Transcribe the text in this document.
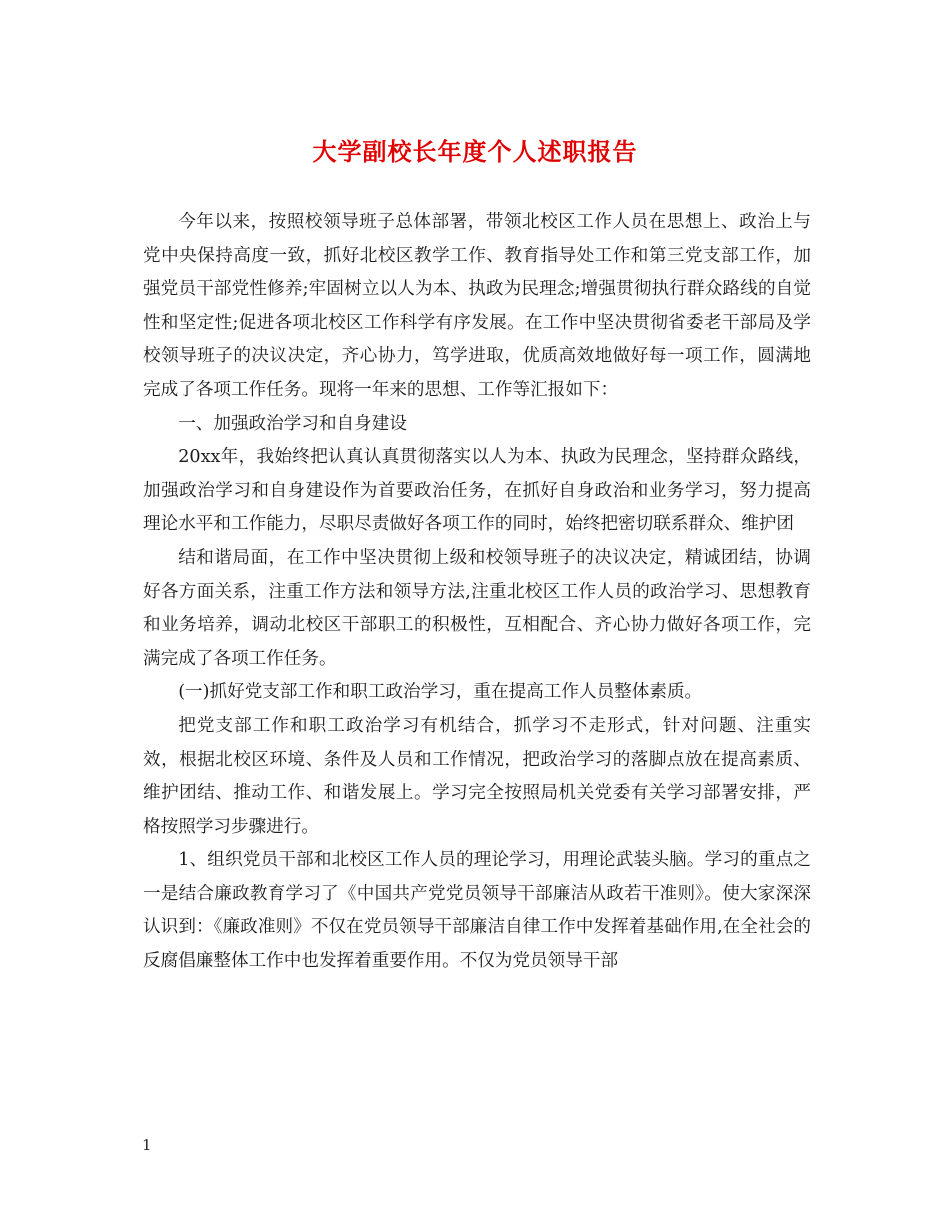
大学副校长年度个人述职报告

今年以来，按照校领导班子总体部署，带领北校区工作人员在思想上、政治上与党中央保持高度一致，抓好北校区教学工作、教育指导处工作和第三党支部工作，加强党员干部党性修养;牢固树立以人为本、执政为民理念;增强贯彻执行群众路线的自觉性和坚定性;促进各项北校区工作科学有序发展。在工作中坚决贯彻省委老干部局及学校领导班子的决议决定，齐心协力，笃学进取，优质高效地做好每一项工作，圆满地完成了各项工作任务。现将一年来的思想、工作等汇报如下：

一、加强政治学习和自身建设

20xx年，我始终把认真认真贯彻落实以人为本、执政为民理念，坚持群众路线，加强政治学习和自身建设作为首要政治任务，在抓好自身政治和业务学习，努力提高理论水平和工作能力，尽职尽责做好各项工作的同时，始终把密切联系群众、维护团

结和谐局面，在工作中坚决贯彻上级和校领导班子的决议决定，精诚团结，协调好各方面关系，注重工作方法和领导方法,注重北校区工作人员的政治学习、思想教育和业务培养，调动北校区干部职工的积极性，互相配合、齐心协力做好各项工作，完满完成了各项工作任务。

(一)抓好党支部工作和职工政治学习，重在提高工作人员整体素质。

把党支部工作和职工政治学习有机结合，抓学习不走形式，针对问题、注重实效，根据北校区环境、条件及人员和工作情况，把政治学习的落脚点放在提高素质、维护团结、推动工作、和谐发展上。学习完全按照局机关党委有关学习部署安排，严格按照学习步骤进行。

1、组织党员干部和北校区工作人员的理论学习，用理论武装头脑。学习的重点之一是结合廉政教育学习了《中国共产党党员领导干部廉洁从政若干准则》。使大家深深认识到：《廉政准则》不仅在党员领导干部廉洁自律工作中发挥着基础作用,在全社会的反腐倡廉整体工作中也发挥着重要作用。不仅为党员领导干部

1
